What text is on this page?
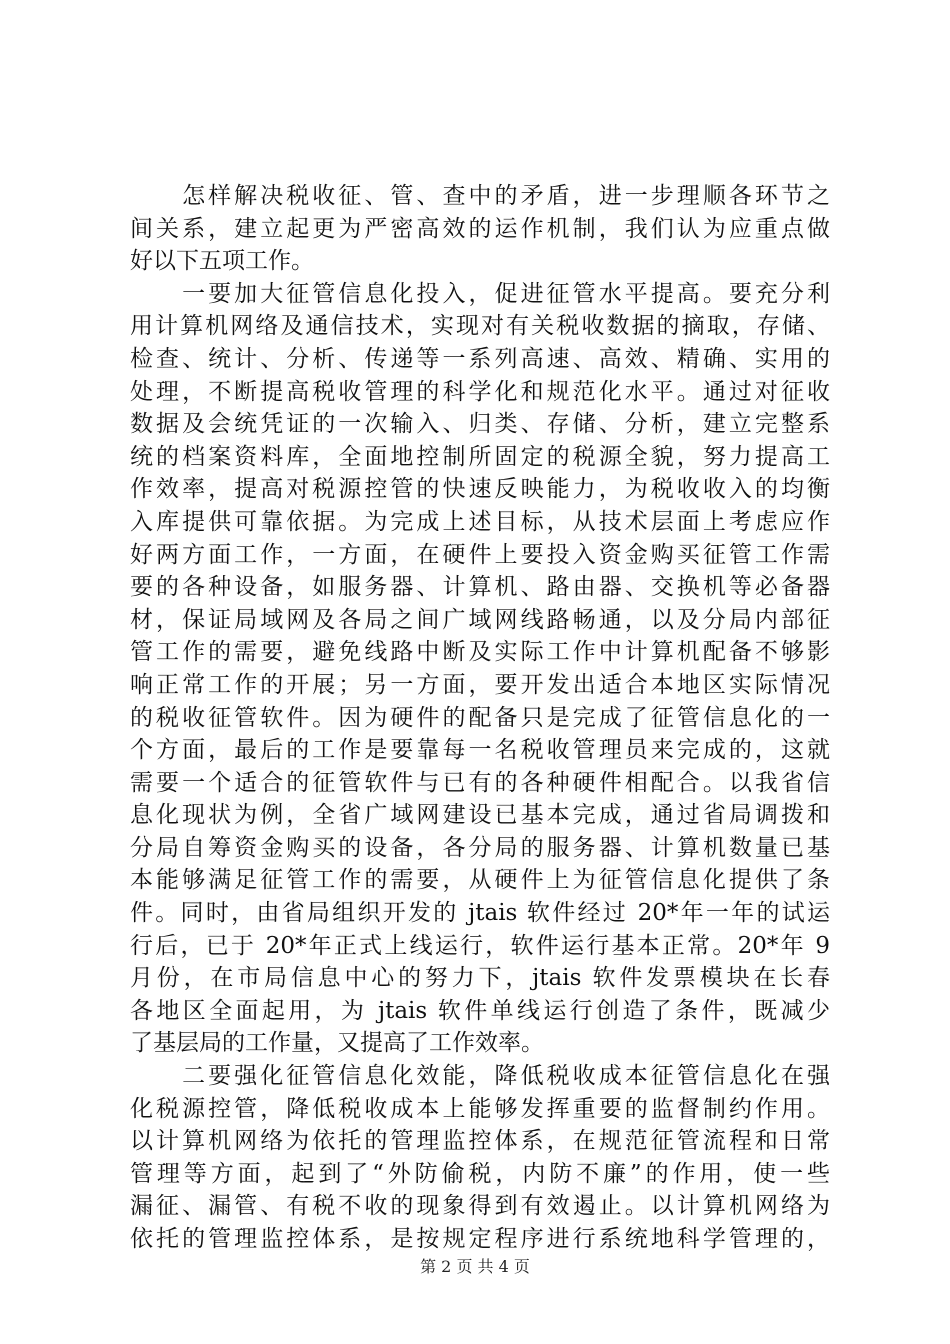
　　怎样解决税收征、管、查中的矛盾，进一步理顺各环节之
间关系，建立起更为严密高效的运作机制，我们认为应重点做
好以下五项工作。
　　一要加大征管信息化投入，促进征管水平提高。要充分利
用计算机网络及通信技术，实现对有关税收数据的摘取，存储、
检查、统计、分析、传递等一系列高速、高效、精确、实用的
处理，不断提高税收管理的科学化和规范化水平。通过对征收
数据及会统凭证的一次输入、归类、存储、分析，建立完整系
统的档案资料库，全面地控制所固定的税源全貌，努力提高工
作效率，提高对税源控管的快速反映能力，为税收收入的均衡
入库提供可靠依据。为完成上述目标，从技术层面上考虑应作
好两方面工作，一方面，在硬件上要投入资金购买征管工作需
要的各种设备，如服务器、计算机、路由器、交换机等必备器
材，保证局域网及各局之间广域网线路畅通，以及分局内部征
管工作的需要，避免线路中断及实际工作中计算机配备不够影
响正常工作的开展；另一方面，要开发出适合本地区实际情况
的税收征管软件。因为硬件的配备只是完成了征管信息化的一
个方面，最后的工作是要靠每一名税收管理员来完成的，这就
需要一个适合的征管软件与已有的各种硬件相配合。以我省信
息化现状为例，全省广域网建设已基本完成，通过省局调拨和
分局自筹资金购买的设备，各分局的服务器、计算机数量已基
本能够满足征管工作的需要，从硬件上为征管信息化提供了条
件。同时，由省局组织开发的 jtais 软件经过 20*年一年的试运
行后，已于 20*年正式上线运行，软件运行基本正常。20*年 9
月份，在市局信息中心的努力下，jtais 软件发票模块在长春
各地区全面起用，为 jtais 软件单线运行创造了条件，既减少
了基层局的工作量，又提高了工作效率。
　　二要强化征管信息化效能，降低税收成本征管信息化在强
化税源控管，降低税收成本上能够发挥重要的监督制约作用。
以计算机网络为依托的管理监控体系，在规范征管流程和日常
管理等方面，起到了“外防偷税，内防不廉”的作用，使一些
漏征、漏管、有税不收的现象得到有效遏止。以计算机网络为
依托的管理监控体系，是按规定程序进行系统地科学管理的，
第 2 页 共 4 页
